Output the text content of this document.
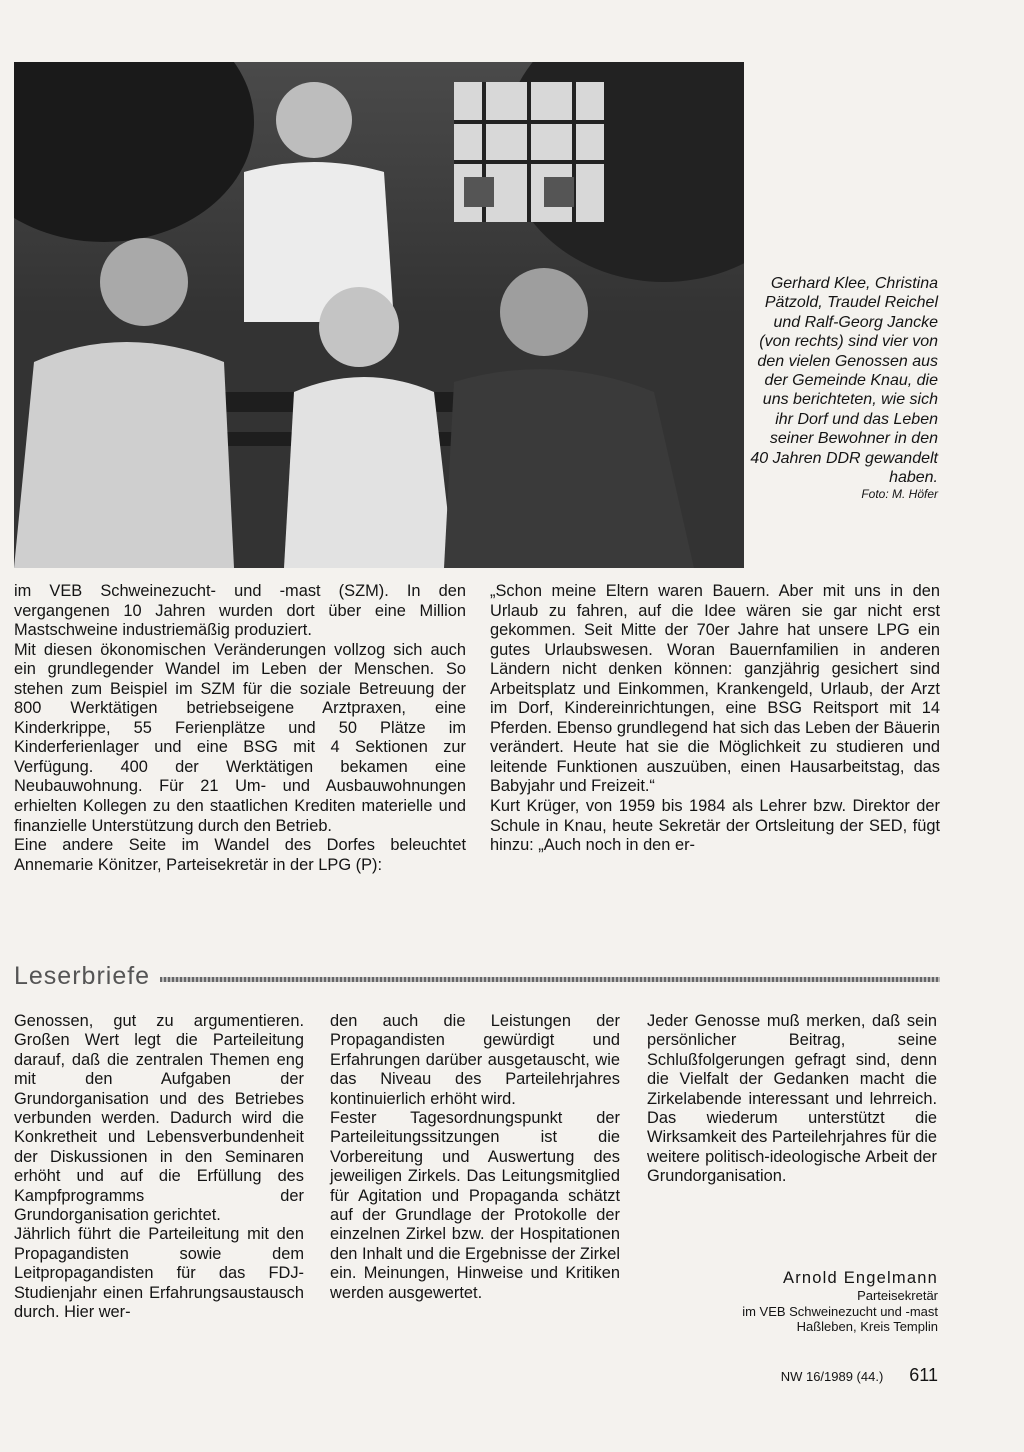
Gerhard Klee, Christina Pätzold, Traudel Reichel und Ralf-Georg Jancke (von rechts) sind vier von den vielen Genossen aus der Gemeinde Knau, die uns berichteten, wie sich ihr Dorf und das Leben seiner Bewohner in den 40 Jahren DDR gewandelt haben.
Foto: M. Höfer

im VEB Schweinezucht- und -mast (SZM). In den vergangenen 10 Jahren wurden dort über eine Million Mastschweine industriemäßig produziert.

Mit diesen ökonomischen Veränderungen vollzog sich auch ein grundlegender Wandel im Leben der Menschen. So stehen zum Beispiel im SZM für die soziale Betreuung der 800 Werktätigen betriebseigene Arztpraxen, eine Kinderkrippe, 55 Ferienplätze und 50 Plätze im Kinderferienlager und eine BSG mit 4 Sektionen zur Verfügung. 400 der Werktätigen bekamen eine Neubauwohnung. Für 21 Um- und Ausbauwohnungen erhielten Kollegen zu den staatlichen Krediten materielle und finanzielle Unterstützung durch den Betrieb.

Eine andere Seite im Wandel des Dorfes beleuchtet Annemarie Könitzer, Parteisekretär in der LPG (P):

„Schon meine Eltern waren Bauern. Aber mit uns in den Urlaub zu fahren, auf die Idee wären sie gar nicht erst gekommen. Seit Mitte der 70er Jahre hat unsere LPG ein gutes Urlaubswesen. Woran Bauernfamilien in anderen Ländern nicht denken können: ganzjährig gesichert sind Arbeitsplatz und Einkommen, Krankengeld, Urlaub, der Arzt im Dorf, Kindereinrichtungen, eine BSG Reitsport mit 14 Pferden. Ebenso grundlegend hat sich das Leben der Bäuerin verändert. Heute hat sie die Möglichkeit zu studieren und leitende Funktionen auszuüben, einen Hausarbeitstag, das Babyjahr und Freizeit.“

Kurt Krüger, von 1959 bis 1984 als Lehrer bzw. Direktor der Schule in Knau, heute Sekretär der Ortsleitung der SED, fügt hinzu: „Auch noch in den er-

Leserbriefe

Genossen, gut zu argumentieren. Großen Wert legt die Parteileitung darauf, daß die zentralen Themen eng mit den Aufgaben der Grundorganisation und des Betriebes verbunden werden. Dadurch wird die Konkretheit und Lebensverbundenheit der Diskussionen in den Seminaren erhöht und auf die Erfüllung des Kampfprogramms der Grundorganisation gerichtet.

Jährlich führt die Parteileitung mit den Propagandisten sowie dem Leitpropagandisten für das FDJ-Studienjahr einen Erfahrungsaustausch durch. Hier wer-

den auch die Leistungen der Propagandisten gewürdigt und Erfahrungen darüber ausgetauscht, wie das Niveau des Parteilehrjahres kontinuierlich erhöht wird.

Fester Tagesordnungspunkt der Parteileitungssitzungen ist die Vorbereitung und Auswertung des jeweiligen Zirkels. Das Leitungsmitglied für Agitation und Propaganda schätzt auf der Grundlage der Protokolle der einzelnen Zirkel bzw. der Hospitationen den Inhalt und die Ergebnisse der Zirkel ein. Meinungen, Hinweise und Kritiken werden ausgewertet.

Jeder Genosse muß merken, daß sein persönlicher Beitrag, seine Schlußfolgerungen gefragt sind, denn die Vielfalt der Gedanken macht die Zirkelabende interessant und lehrreich. Das wiederum unterstützt die Wirksamkeit des Parteilehrjahres für die weitere politisch-ideologische Arbeit der Grundorganisation.

Arnold Engelmann
Parteisekretär
im VEB Schweinezucht und -mast
Haßleben, Kreis Templin
NW 16/1989 (44.) 611
